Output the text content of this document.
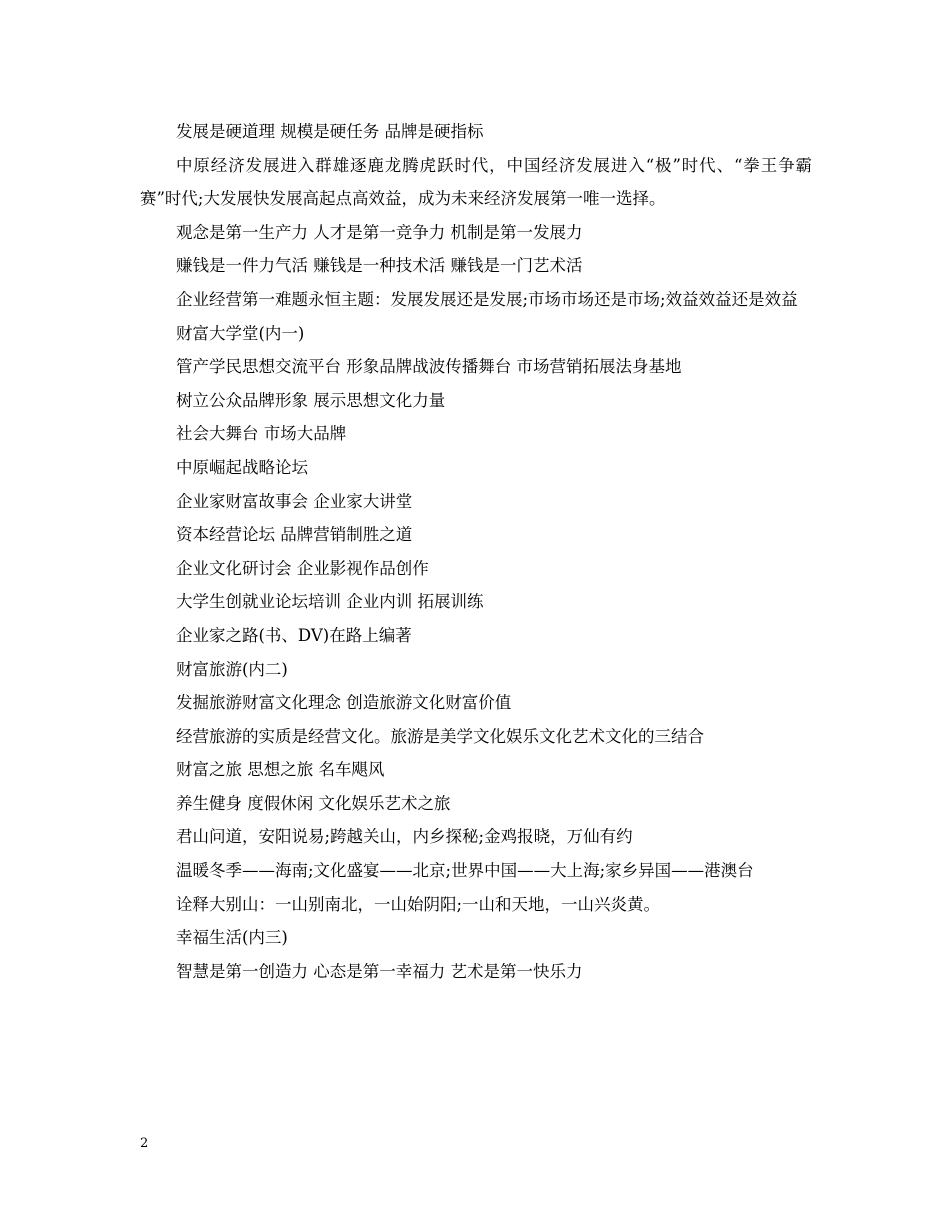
发展是硬道理 规模是硬任务 品牌是硬指标

中原经济发展进入群雄逐鹿龙腾虎跃时代，中国经济发展进入“极”时代、“拳王争霸赛”时代;大发展快发展高起点高效益，成为未来经济发展第一唯一选择。

观念是第一生产力 人才是第一竞争力 机制是第一发展力

赚钱是一件力气活 赚钱是一种技术活 赚钱是一门艺术活

企业经营第一难题永恒主题：发展发展还是发展;市场市场还是市场;效益效益还是效益

财富大学堂(内一)

管产学民思想交流平台 形象品牌战波传播舞台 市场营销拓展法身基地

树立公众品牌形象 展示思想文化力量

社会大舞台 市场大品牌

中原崛起战略论坛

企业家财富故事会 企业家大讲堂

资本经营论坛 品牌营销制胜之道

企业文化研讨会 企业影视作品创作

大学生创就业论坛培训 企业内训 拓展训练

企业家之路(书、DV)在路上编著

财富旅游(内二)

发掘旅游财富文化理念 创造旅游文化财富价值

经营旅游的实质是经营文化。旅游是美学文化娱乐文化艺术文化的三结合

财富之旅 思想之旅 名车飓风

养生健身 度假休闲 文化娱乐艺术之旅

君山问道，安阳说易;跨越关山，内乡探秘;金鸡报晓，万仙有约

温暖冬季——海南;文化盛宴——北京;世界中国——大上海;家乡异国——港澳台

诠释大别山：一山别南北，一山始阴阳;一山和天地，一山兴炎黄。

幸福生活(内三)

智慧是第一创造力 心态是第一幸福力 艺术是第一快乐力

2
